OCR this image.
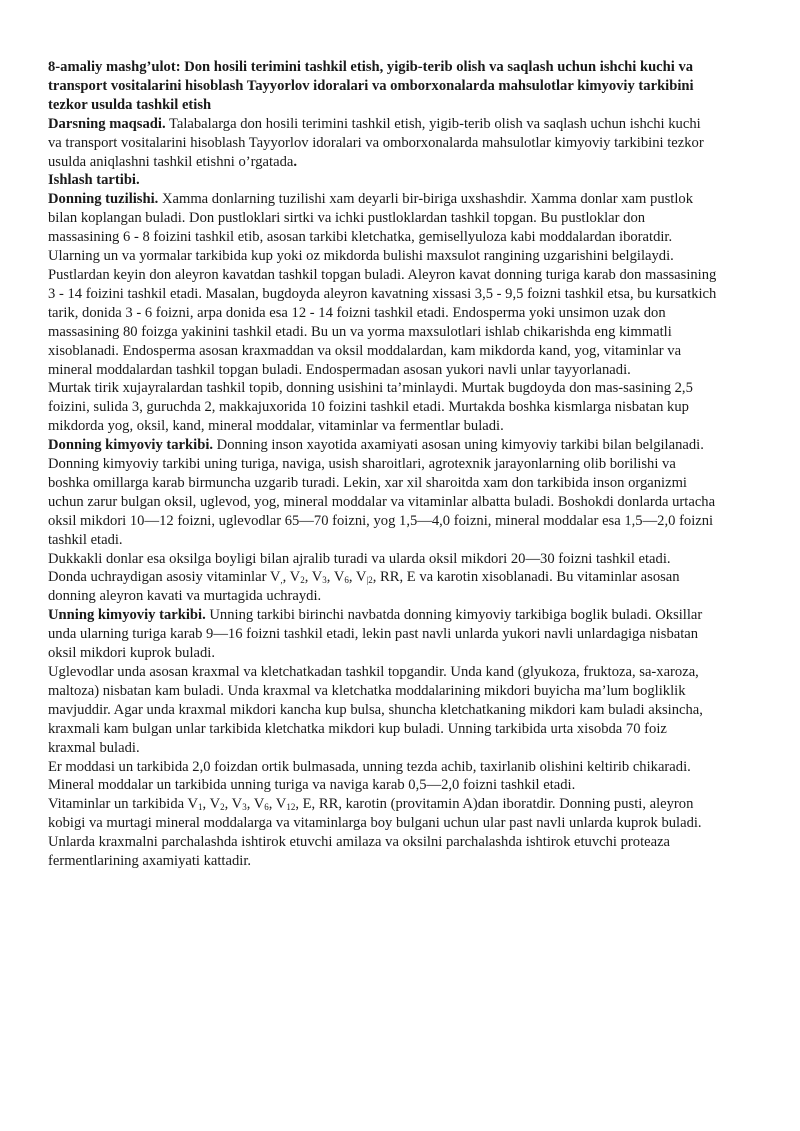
8-amaliy mashg’ulot: Don hosili terimini tashkil etish, yigib-terib olish va saqlash uchun ishchi kuchi va transport vositalarini hisoblash Tayyorlov idoralari va omborxonalarda mahsulotlar kimyoviy tarkibini tezkor usulda tashkil etish

Darsning maqsadi. Talabalarga don hosili terimini tashkil etish, yigib-terib olish va saqlash uchun ishchi kuchi va transport vositalarini hisoblash Tayyorlov idoralari va omborxonalarda mahsulotlar kimyoviy tarkibini tezkor usulda aniqlashni tashkil etishni o’rgatada.

Ishlash tartibi.

Donning tuzilishi. Xamma donlarning tuzilishi xam deyarli bir-biriga uxshashdir. Xamma donlar xam pustlok bilan koplangan buladi. Don pustloklari sirtki va ichki pustloklardan tashkil topgan. Bu pustloklar don massasining 6 - 8 foizini tashkil etib, asosan tarkibi kletchatka, gemisellyuloza kabi moddalardan iboratdir. Ularning un va yormalar tarkibida kup yoki oz mikdorda bulishi maxsulot rangining uzgarishini belgilaydi.

Pustlardan keyin don aleyron kavatdan tashkil topgan buladi. Aleyron kavat donning turiga karab don massasining 3 - 14 foizini tashkil etadi. Masalan, bugdoyda aleyron kavatning xissasi 3,5 - 9,5 foizni tashkil etsa, bu kursatkich tarik, donida 3 - 6 foizni, arpa donida esa 12 - 14 foizni tashkil etadi. Endosperma yoki unsimon uzak don massasining 80 foizga yakinini tashkil etadi. Bu un va yorma maxsulotlari ishlab chikarishda eng kimmatli xisoblanadi. Endosperma asosan kraxmaddan va oksil moddalardan, kam mikdorda kand, yog, vitaminlar va mineral moddalardan tashkil topgan buladi. Endospermadan asosan yukori navli unlar tayyorlanadi.

Murtak tirik xujayralardan tashkil topib, donning usishini ta’minlaydi. Murtak bugdoyda don mas-sasining 2,5 foizini, sulida 3, guruchda 2, makkajuxorida 10 foizini tashkil etadi. Murtakda boshka kismlarga nisbatan kup mikdorda yog, oksil, kand, mineral moddalar, vitaminlar va fermentlar buladi.

Donning kimyoviy tarkibi. Donning inson xayotida axamiyati asosan uning kimyoviy tarkibi bilan belgilanadi. Donning kimyoviy tarkibi uning turiga, naviga, usish sharoitlari, agrotexnik jarayonlarning olib borilishi va boshka omillarga karab birmuncha uzgarib turadi. Lekin, xar xil sharoitda xam don tarkibida inson organizmi uchun zarur bulgan oksil, uglevod, yog, mineral moddalar va vitaminlar albatta buladi. Boshokdi donlarda urtacha oksil mikdori 10—12 foizni, uglevodlar 65—70 foizni, yog 1,5—4,0 foizni, mineral moddalar esa 1,5—2,0 foizni tashkil etadi.

Dukkakli donlar esa oksilga boyligi bilan ajralib turadi va ularda oksil mikdori 20—30 foizni tashkil etadi.

Donda uchraydigan asosiy vitaminlar $V_,$, $V_2$, $V_3$, $V_6$, $V_{|2}$, RR, E va karotin xisoblanadi. Bu vitaminlar asosan donning aleyron kavati va murtagida uchraydi.

Unning kimyoviy tarkibi. Unning tarkibi birinchi navbatda donning kimyoviy tarkibiga boglik buladi. Oksillar unda ularning turiga karab 9—16 foizni tashkil etadi, lekin past navli unlarda yukori navli unlardagiga nisbatan oksil mikdori kuprok buladi.

Uglevodlar unda asosan kraxmal va kletchatkadan tashkil topgandir. Unda kand (glyukoza, fruktoza, sa-xaroza, maltoza) nisbatan kam buladi. Unda kraxmal va kletchatka moddalarining mikdori buyicha ma’lum bogliklik mavjuddir. Agar unda kraxmal mikdori kancha kup bulsa, shuncha kletchatkaning mikdori kam buladi aksincha, kraxmali kam bulgan unlar tarkibida kletchatka mikdori kup buladi. Unning tarkibida urta xisobda 70 foiz kraxmal buladi.

Er moddasi un tarkibida 2,0 foizdan ortik bulmasada, unning tezda achib, taxirlanib olishini keltirib chikaradi.

Mineral moddalar un tarkibida unning turiga va naviga karab 0,5—2,0 foizni tashkil etadi.

Vitaminlar un tarkibida $V_1$, $V_2$, $V_3$, $V_6$, $V_{12}$, E, RR, karotin (provitamin A)dan iboratdir. Donning pusti, aleyron kobigi va murtagi mineral moddalarga va vitaminlarga boy bulgani uchun ular past navli unlarda kuprok buladi.

Unlarda kraxmalni parchalashda ishtirok etuvchi amilaza va oksilni parchalashda ishtirok etuvchi proteaza fermentlarining axamiyati kattadir.
